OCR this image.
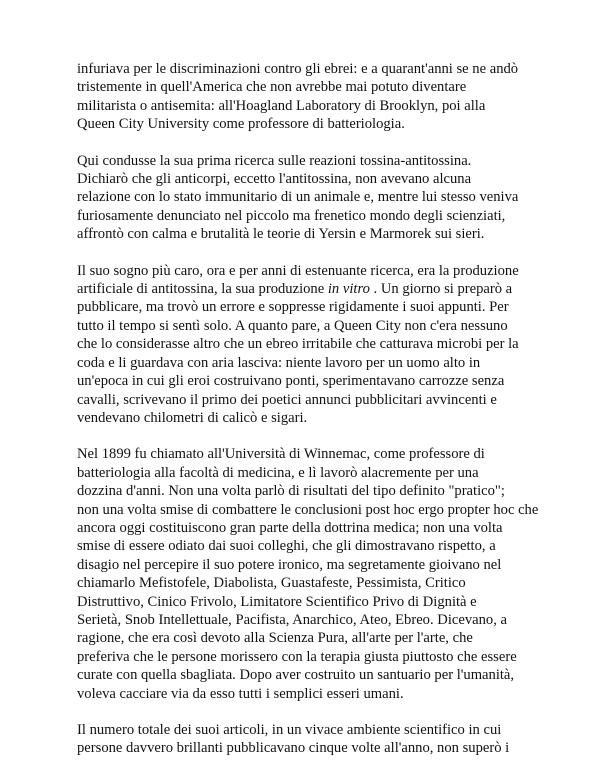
infuriava per le discriminazioni contro gli ebrei: e a quarant'anni se ne andò
tristemente in quell'America che non avrebbe mai potuto diventare
militarista o antisemita: all'Hoagland Laboratory di Brooklyn, poi alla
Queen City University come professore di batteriologia.

Qui condusse la sua prima ricerca sulle reazioni tossina-antitossina.
Dichiarò che gli anticorpi, eccetto l'antitossina, non avevano alcuna
relazione con lo stato immunitario di un animale e, mentre lui stesso veniva
furiosamente denunciato nel piccolo ma frenetico mondo degli scienziati,
affrontò con calma e brutalità le teorie di Yersin e Marmorek sui sieri.

Il suo sogno più caro, ora e per anni di estenuante ricerca, era la produzione
artificiale di antitossina, la sua produzione in vitro . Un giorno si preparò a
pubblicare, ma trovò un errore e soppresse rigidamente i suoi appunti. Per
tutto il tempo si sentì solo. A quanto pare, a Queen City non c'era nessuno
che lo considerasse altro che un ebreo irritabile che catturava microbi per la
coda e li guardava con aria lasciva: niente lavoro per un uomo alto in
un'epoca in cui gli eroi costruivano ponti, sperimentavano carrozze senza
cavalli, scrivevano il primo dei poetici annunci pubblicitari avvincenti e
vendevano chilometri di calicò e sigari.

Nel 1899 fu chiamato all'Università di Winnemac, come professore di
batteriologia alla facoltà di medicina, e lì lavorò alacremente per una
dozzina d'anni. Non una volta parlò di risultati del tipo definito "pratico";
non una volta smise di combattere le conclusioni post hoc ergo propter hoc che
ancora oggi costituiscono gran parte della dottrina medica; non una volta
smise di essere odiato dai suoi colleghi, che gli dimostravano rispetto, a
disagio nel percepire il suo potere ironico, ma segretamente gioivano nel
chiamarlo Mefistofele, Diabolista, Guastafeste, Pessimista, Critico
Distruttivo, Cinico Frivolo, Limitatore Scientifico Privo di Dignità e
Serietà, Snob Intellettuale, Pacifista, Anarchico, Ateo, Ebreo. Dicevano, a
ragione, che era così devoto alla Scienza Pura, all'arte per l'arte, che
preferiva che le persone morissero con la terapia giusta piuttosto che essere
curate con quella sbagliata. Dopo aver costruito un santuario per l'umanità,
voleva cacciare via da esso tutti i semplici esseri umani.

Il numero totale dei suoi articoli, in un vivace ambiente scientifico in cui
persone davvero brillanti pubblicavano cinque volte all'anno, non superò i
